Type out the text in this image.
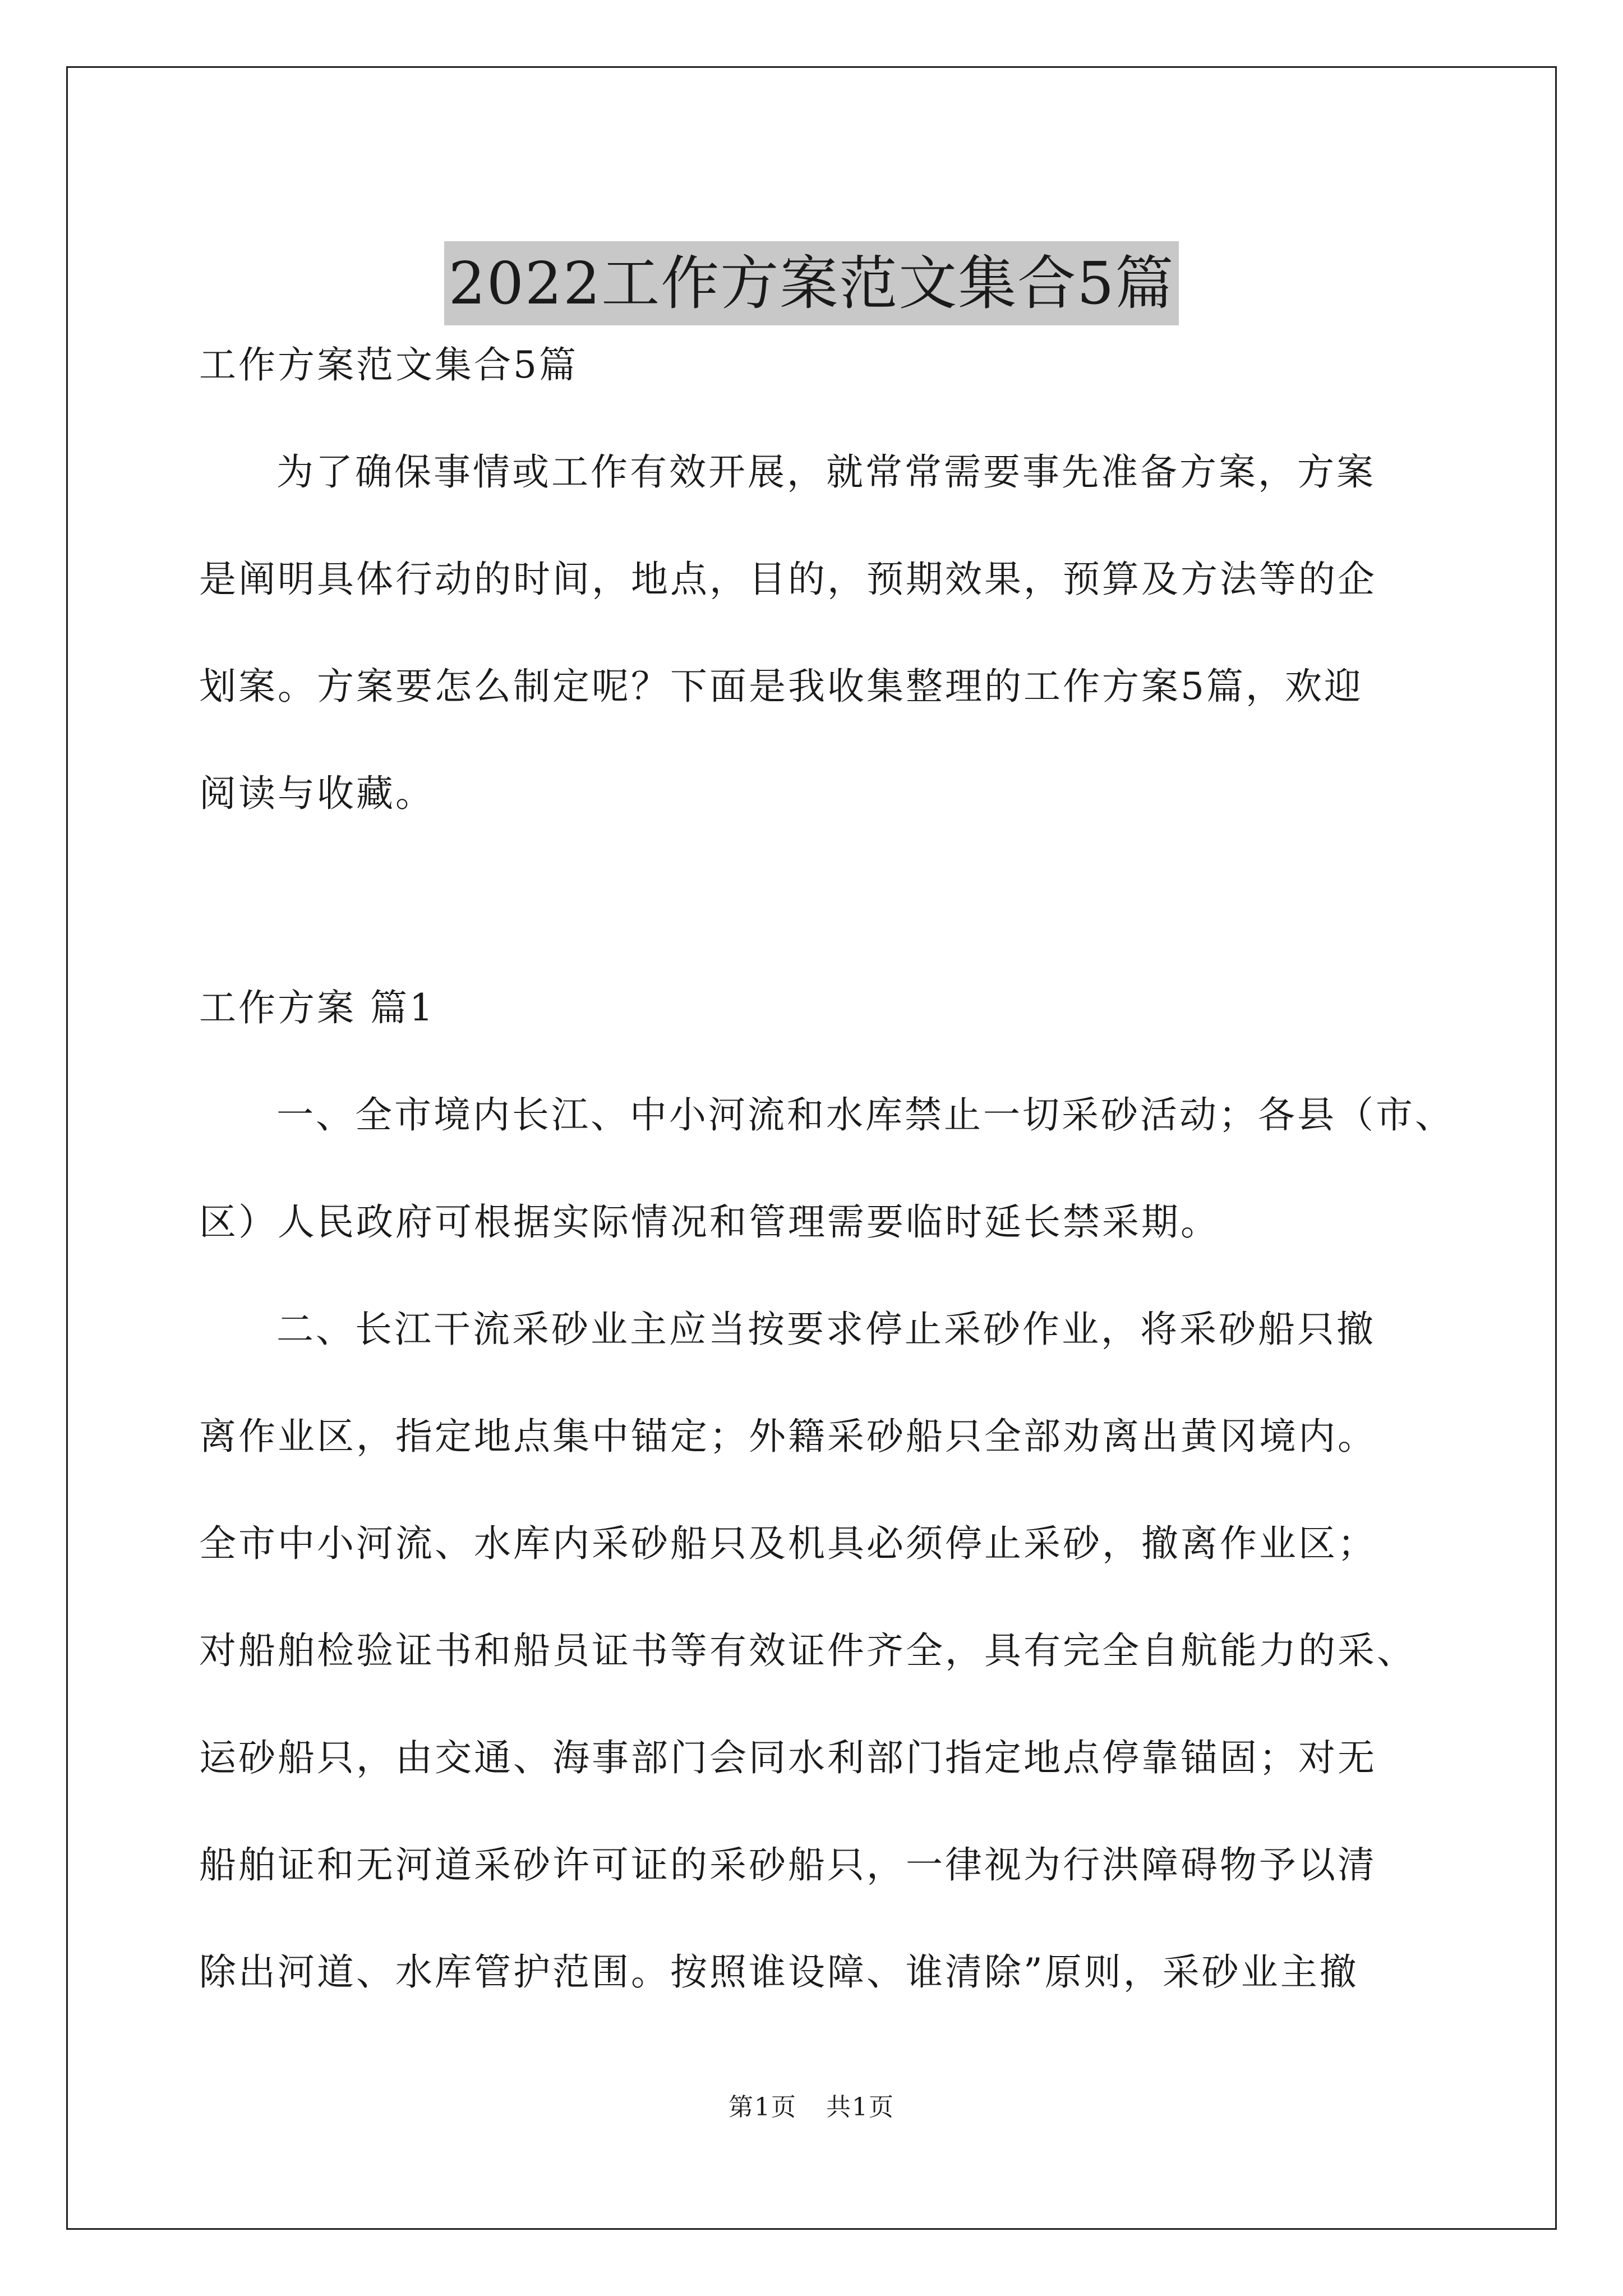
2022工作方案范文集合5篇
工作方案范文集合5篇
为了确保事情或工作有效开展，就常常需要事先准备方案，方案
是阐明具体行动的时间，地点，目的，预期效果，预算及方法等的企
划案。方案要怎么制定呢？下面是我收集整理的工作方案5篇，欢迎
阅读与收藏。
工作方案 篇1
一、全市境内长江、中小河流和水库禁止一切采砂活动；各县（市、
区）人民政府可根据实际情况和管理需要临时延长禁采期。
二、长江干流采砂业主应当按要求停止采砂作业，将采砂船只撤
离作业区，指定地点集中锚定；外籍采砂船只全部劝离出黄冈境内。
全市中小河流、水库内采砂船只及机具必须停止采砂，撤离作业区；
对船舶检验证书和船员证书等有效证件齐全，具有完全自航能力的采、
运砂船只，由交通、海事部门会同水利部门指定地点停靠锚固；对无
船舶证和无河道采砂许可证的采砂船只，一律视为行洪障碍物予以清
除出河道、水库管护范围。按照谁设障、谁清除”原则，采砂业主撤
第1页 共1页
